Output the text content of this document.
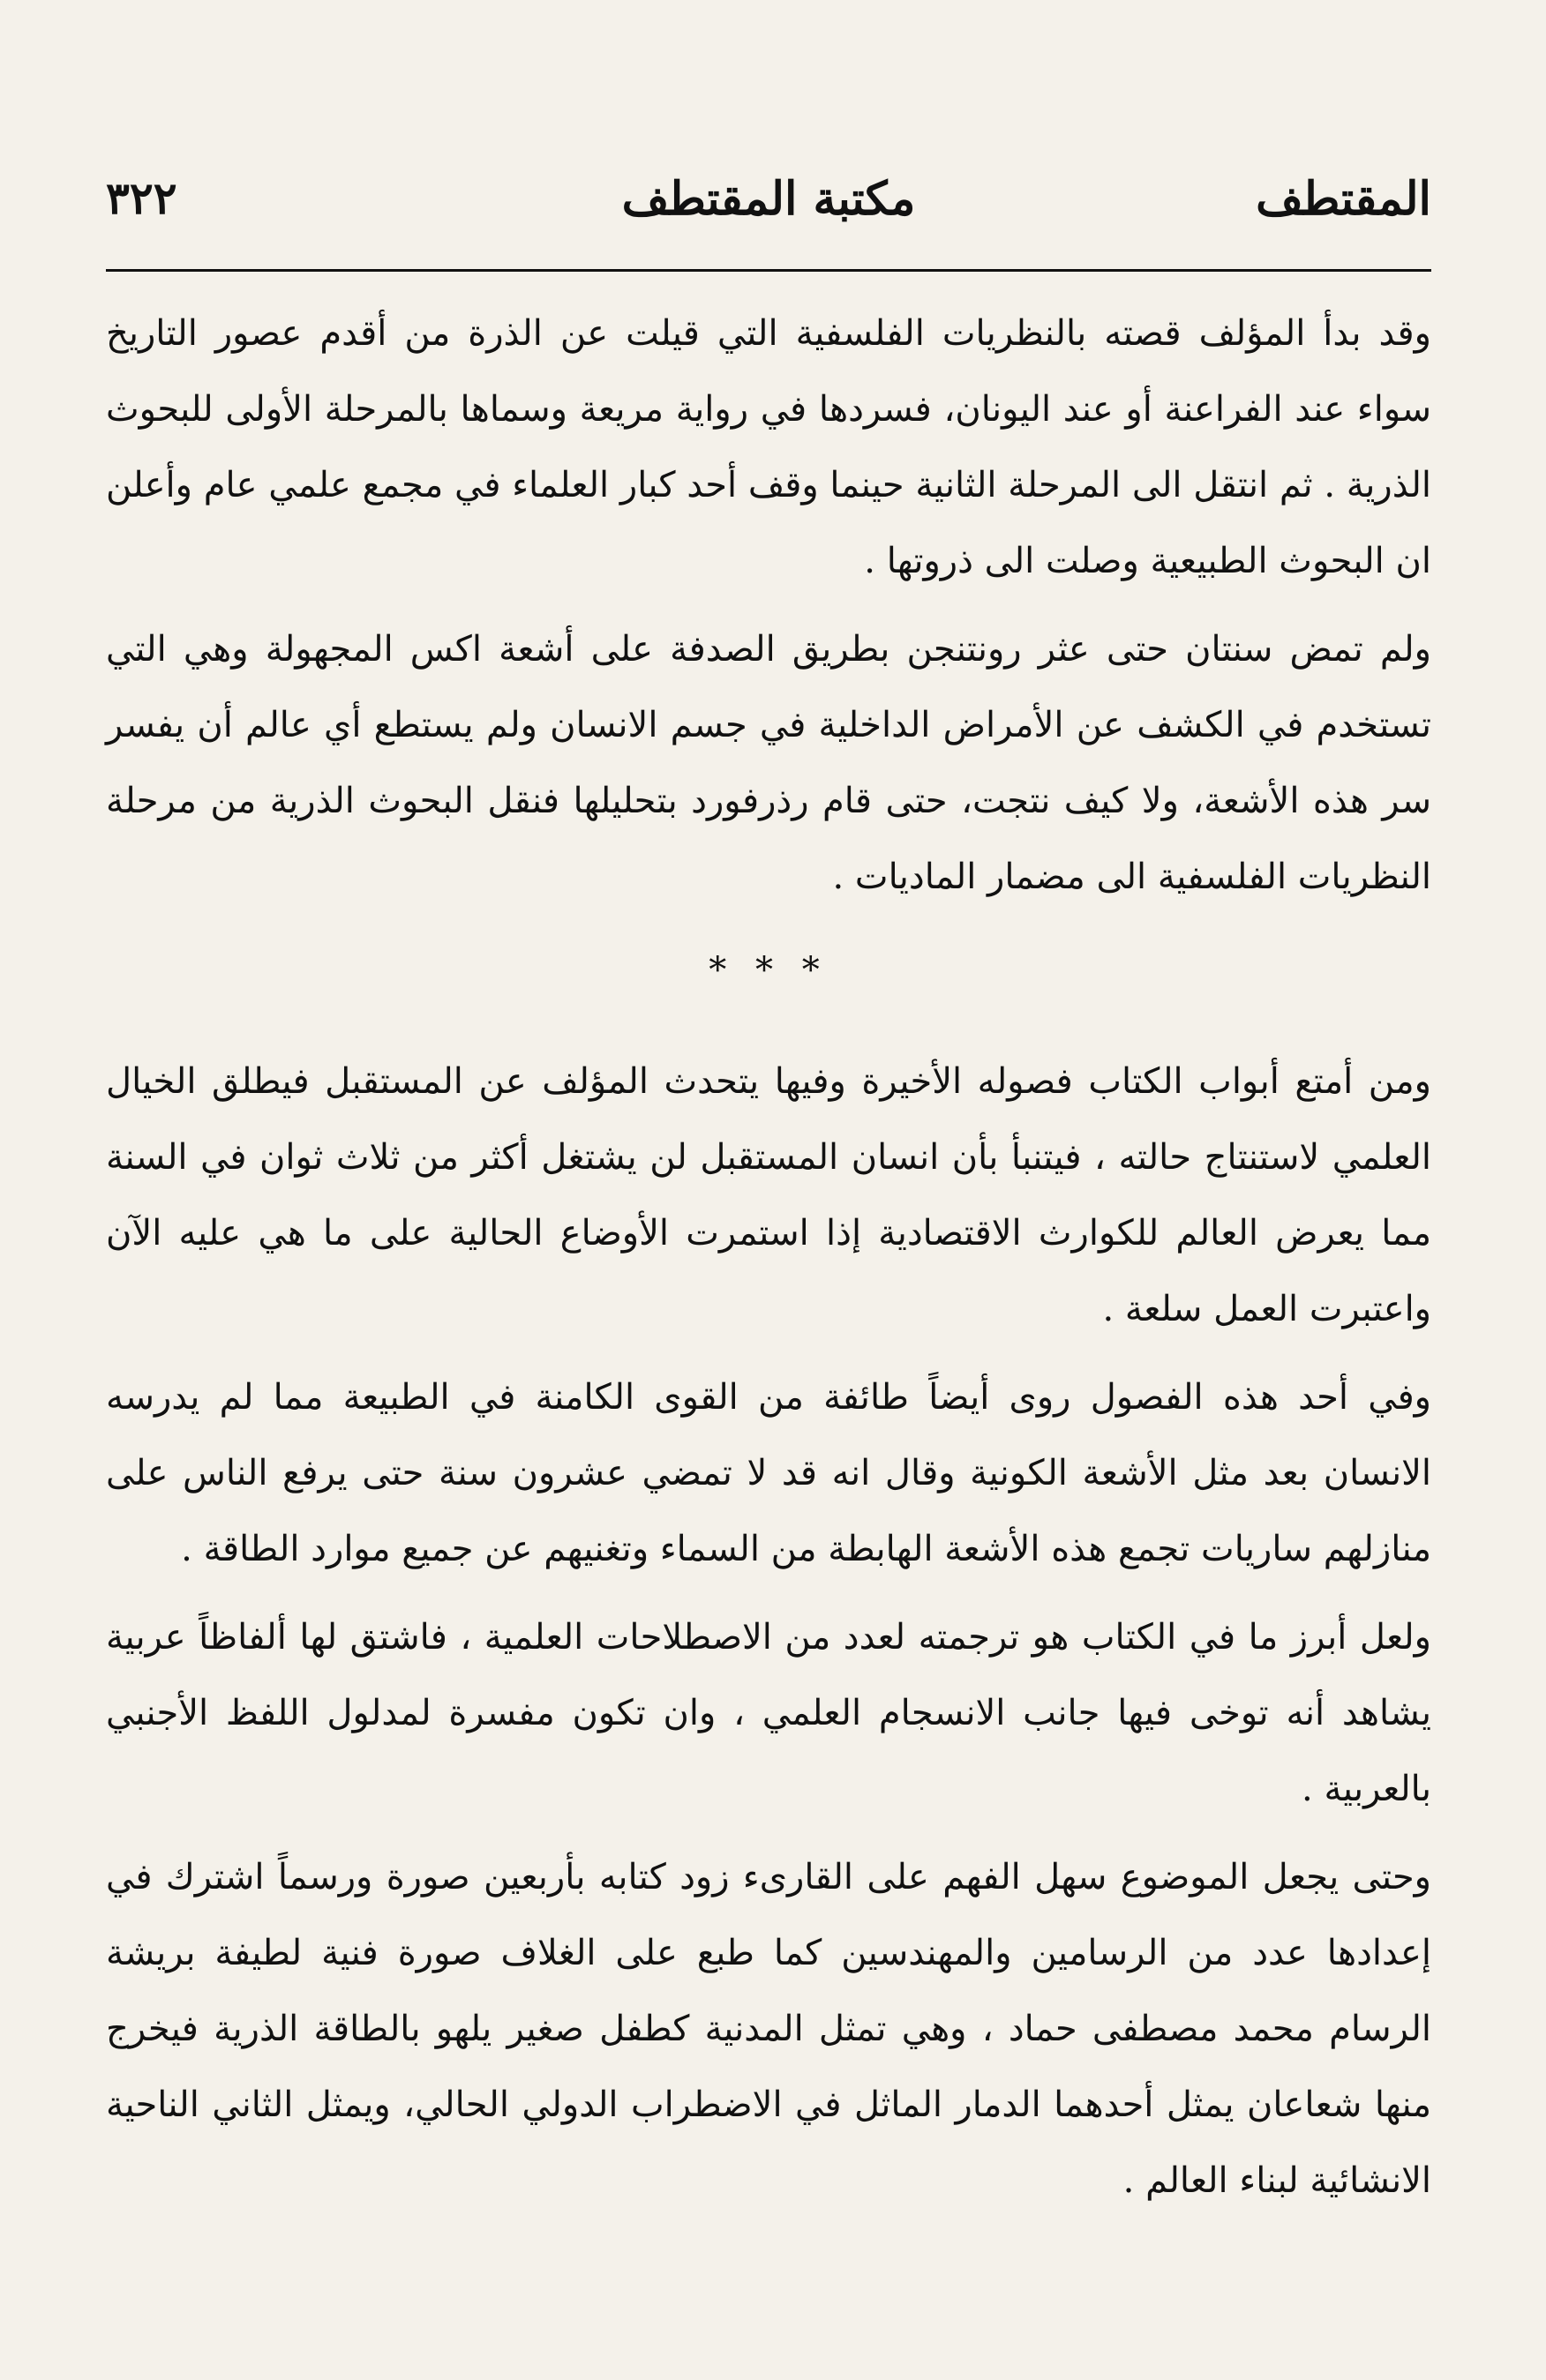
٣٢٢	مكتبة المقتطف	المقتطف

وقد بدأ المؤلف قصته بالنظريات الفلسفية التي قيلت عن الذرة من أقدم عصور التاريخ سواء عند الفراعنة أو عند اليونان، فسردها في رواية مريعة وسماها بالمرحلة الأولى للبحوث الذرية . ثم انتقل الى المرحلة الثانية حينما وقف أحد كبار العلماء في مجمع علمي عام وأعلن ان البحوث الطبيعية وصلت الى ذروتها .

ولم تمض سنتان حتى عثر رونتنجن بطريق الصدفة على أشعة اكس المجهولة وهي التي تستخدم في الكشف عن الأمراض الداخلية في جسم الانسان ولم يستطع أي عالم أن يفسر سر هذه الأشعة، ولا كيف نتجت، حتى قام رذرفورد بتحليلها فنقل البحوث الذرية من مرحلة النظريات الفلسفية الى مضمار الماديات .

* * *

ومن أمتع أبواب الكتاب فصوله الأخيرة وفيها يتحدث المؤلف عن المستقبل فيطلق الخيال العلمي لاستنتاج حالته ، فيتنبأ بأن انسان المستقبل لن يشتغل أكثر من ثلاث ثوان في السنة مما يعرض العالم للكوارث الاقتصادية إذا استمرت الأوضاع الحالية على ما هي عليه الآن واعتبرت العمل سلعة .

وفي أحد هذه الفصول روى أيضاً طائفة من القوى الكامنة في الطبيعة مما لم يدرسه الانسان بعد مثل الأشعة الكونية وقال انه قد لا تمضي عشرون سنة حتى يرفع الناس على منازلهم ساريات تجمع هذه الأشعة الهابطة من السماء وتغنيهم عن جميع موارد الطاقة .

ولعل أبرز ما في الكتاب هو ترجمته لعدد من الاصطلاحات العلمية ، فاشتق لها ألفاظاً عربية يشاهد أنه توخى فيها جانب الانسجام العلمي ، وان تكون مفسرة لمدلول اللفظ الأجنبي بالعربية .

وحتى يجعل الموضوع سهل الفهم على القارىء زود كتابه بأربعين صورة ورسماً اشترك في إعدادها عدد من الرسامين والمهندسين كما طبع على الغلاف صورة فنية لطيفة بريشة الرسام محمد مصطفى حماد ، وهي تمثل المدنية كطفل صغير يلهو بالطاقة الذرية فيخرج منها شعاعان يمثل أحدهما الدمار الماثل في الاضطراب الدولي الحالي، ويمثل الثاني الناحية الانشائية لبناء العالم .
